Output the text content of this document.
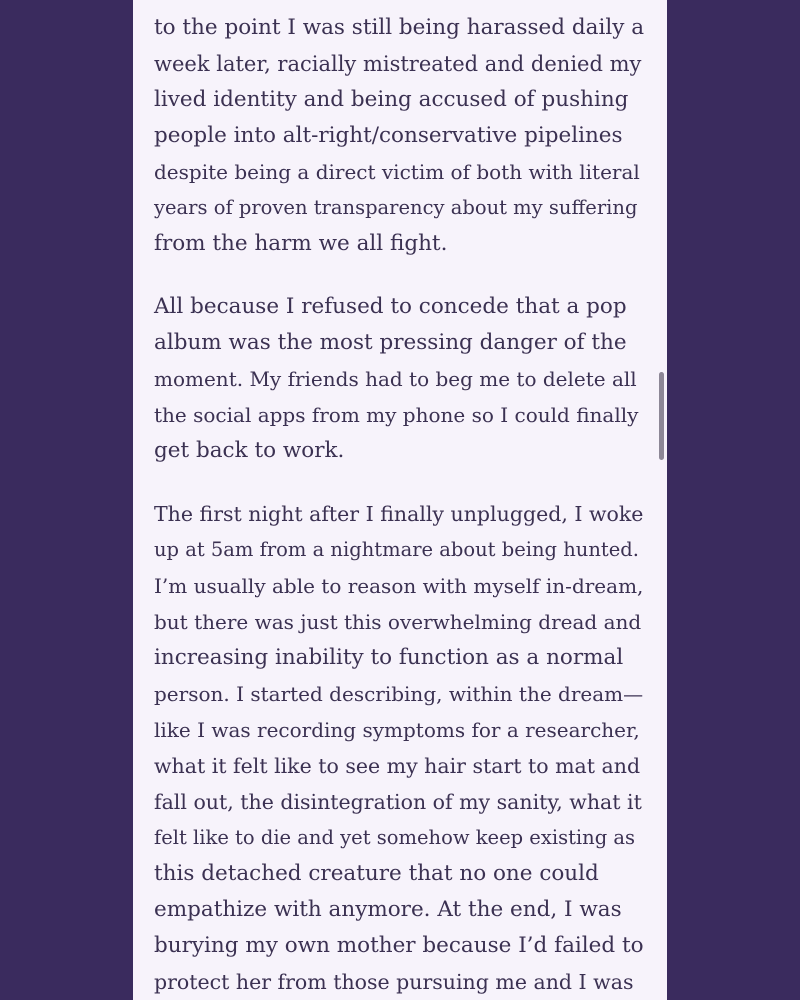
to the point I was still being harassed daily a
week later, racially mistreated and denied my
lived identity and being accused of pushing
people into alt-right/conservative pipelines
despite being a direct victim of both with literal
years of proven transparency about my suffering
from the harm we all fight.

All because I refused to concede that a pop
album was the most pressing danger of the
moment. My friends had to beg me to delete all
the social apps from my phone so I could finally
get back to work.

The first night after I finally unplugged, I woke
up at 5am from a nightmare about being hunted.
I’m usually able to reason with myself in-dream,
but there was just this overwhelming dread and
increasing inability to function as a normal
person. I started describing, within the dream—
like I was recording symptoms for a researcher,
what it felt like to see my hair start to mat and
fall out, the disintegration of my sanity, what it
felt like to die and yet somehow keep existing as
this detached creature that no one could
empathize with anymore. At the end, I was
burying my own mother because I’d failed to
protect her from those pursuing me and I was
